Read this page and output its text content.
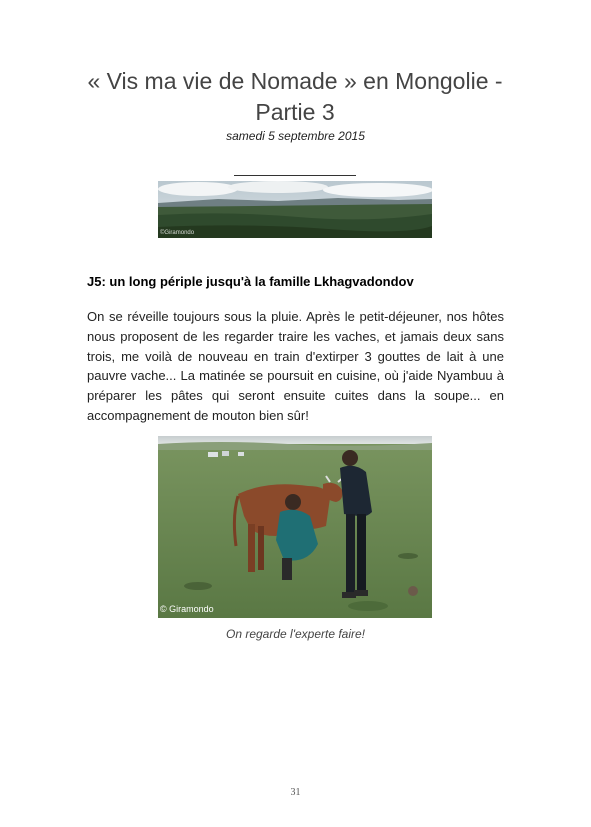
« Vis ma vie de Nomade » en Mongolie - Partie 3
samedi 5 septembre 2015
©Giramondo
J5: un long périple jusqu'à la famille Lkhagvadondov
On se réveille toujours sous la pluie. Après le petit-déjeuner, nos hôtes nous proposent de les regarder traire les vaches, et jamais deux sans trois, me voilà de nouveau en train d'extirper 3 gouttes de lait à une pauvre vache... La matinée se poursuit en cuisine, où j'aide Nyambuu à préparer les pâtes qui seront ensuite cuites dans la soupe... en accompagnement de mouton bien sûr!
© Giramondo
On regarde l'experte faire!
31
